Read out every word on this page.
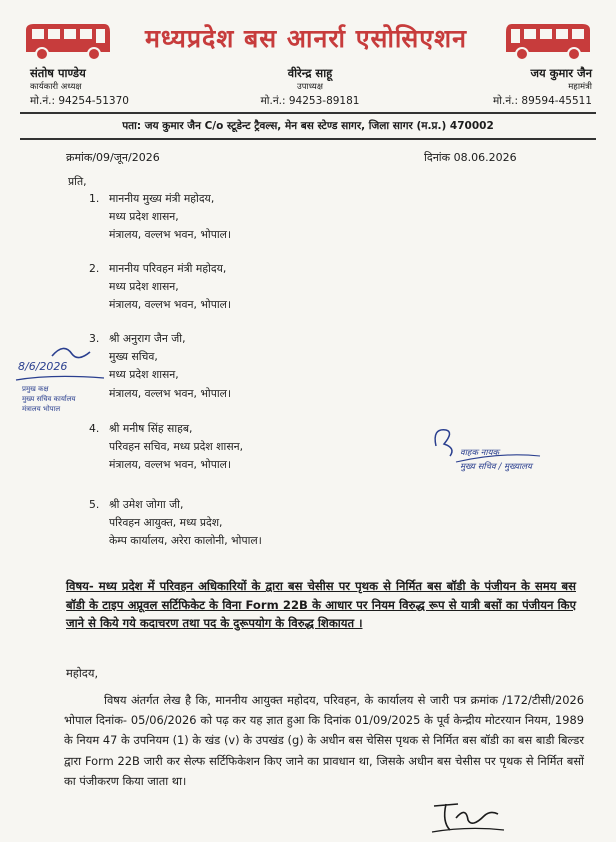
मध्यप्रदेश बस आनर्रा एसोसिएशन
संतोष पाण्डेय
कार्यकारी अध्यक्ष
मो.नं.: 94254-51370
वीरेन्द्र साहू
उपाध्यक्ष
मो.नं.: 94253-89181
जय कुमार जैन
महामंत्री
मो.नं.: 89594-45511
पता: जय कुमार जैन C/o स्टूडेन्ट ट्रैवल्स, मेन बस स्टेण्ड सागर, जिला सागर (म.प्र.) 470002
क्रमांक/09/जून/2026	दिनांक 08.06.2026
प्रति,
1. माननीय मुख्य मंत्री महोदय,
मध्य प्रदेश शासन,
मंत्रालय, वल्लभ भवन, भोपाल।
2. माननीय परिवहन मंत्री महोदय,
मध्य प्रदेश शासन,
मंत्रालय, वल्लभ भवन, भोपाल।
3. श्री अनुराग जैन जी,
मुख्य सचिव,
मध्य प्रदेश शासन,
मंत्रालय, वल्लभ भवन, भोपाल।
4. श्री मनीष सिंह साहब,
परिवहन सचिव, मध्य प्रदेश शासन,
मंत्रालय, वल्लभ भवन, भोपाल।
5. श्री उमेश जोगा जी,
परिवहन आयुक्त, मध्य प्रदेश,
केम्प कार्यालय, अरेरा कालोनी, भोपाल।
8/6/2026
प्रमुख कक्ष
मुख्य सचिव कार्यालय
मंत्रालय भोपाल
वाहक नायक
मुख्य सचिव / मुख्यालय
विषय- मध्य प्रदेश में परिवहन अधिकारियों के द्वारा बस चेसीस पर पृथक से निर्मित बस बॉडी के पंजीयन के समय बस बॉडी के टाइप अप्रूवल सर्टिफिकेट के विना Form 22B के आधार पर नियम विरुद्ध रूप से यात्री बसों का पंजीयन किए जाने से किये गये कदाचरण तथा पद के दुरूपयोग के विरुद्ध शिकायत ।
महोदय,
विषय अंतर्गत लेख है कि, माननीय आयुक्त महोदय, परिवहन, के कार्यालय से जारी पत्र क्रमांक /172/टीसी/2026 भोपाल दिनांक- 05/06/2026 को पढ़ कर यह ज्ञात हुआ कि दिनांक 01/09/2025 के पूर्व केन्द्रीय मोटरयान नियम, 1989 के नियम 47 के उपनियम (1) के खंड (v) के उपखंड (g) के अधीन बस चेसिस पृथक से निर्मित बस बॉडी का बस बाडी बिल्डर द्वारा Form 22B जारी कर सेल्फ सर्टिफिकेशन किए जाने का प्रावधान था, जिसके अधीन बस चेसीस पर पृथक से निर्मित बसों का पंजीकरण किया जाता था।
